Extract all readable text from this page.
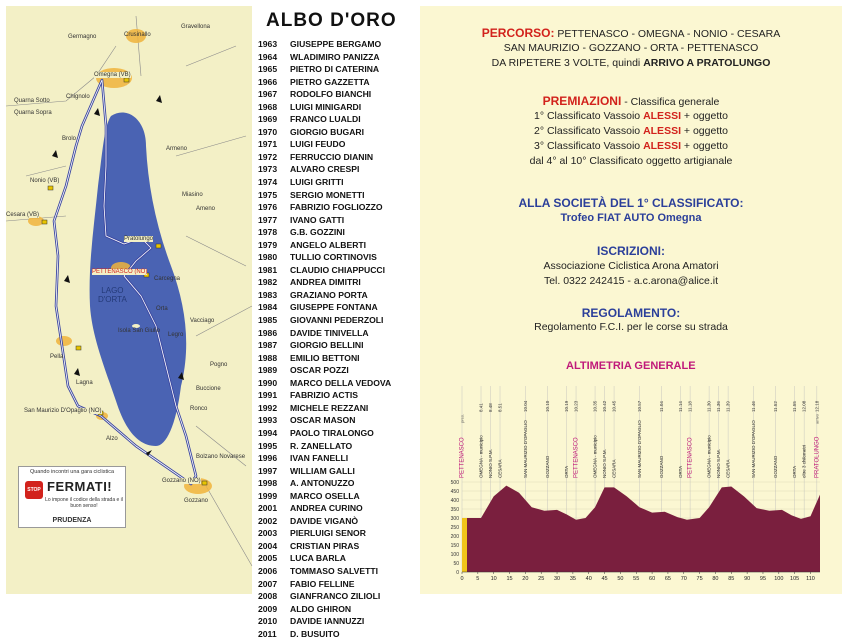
LAGO
D'ORTA
Omegna (VB)
Nonio (VB)
Cesara (VB)
Pratolungo
PETTENASCO (NO)
San Maurizio D'Opaglio (NO)
Gozzano (NO)
Crusinallo
Gravellona
Bolzano Novarese
Germagno
Quarna Sotto
Quarna Sopra
Chignolo
Brolo
Orta
Pella
Lagna
Ameno
Miasino
Armeno
Buccione
Legro
Vacciago
Carcegna
Pogno
Ronco
Isola San Giulio
Alzo
Gozzano
Quando incontri una gara ciclistica
STOP FERMATI!
Lo impone il codice della strada e il buon senso!
PRUDENZA
ALBO D'ORO
1963 GIUSEPPE BERGAMO
1964 WLADIMIRO PANIZZA
1965 PIETRO DI CATERINA
1966 PIETRO GAZZETTA
1967 RODOLFO BIANCHI
1968 LUIGI MINIGARDI
1969 FRANCO LUALDI
1970 GIORGIO BUGARI
1971 LUIGI FEUDO
1972 FERRUCCIO DIANIN
1973 ALVARO CRESPI
1974 LUIGI GRITTI
1975 SERGIO MONETTI
1976 FABRIZIO FOGLIOZZO
1977 IVANO GATTI
1978 G.B. GOZZINI
1979 ANGELO ALBERTI
1980 TULLIO CORTINOVIS
1981 CLAUDIO CHIAPPUCCI
1982 ANDREA DIMITRI
1983 GRAZIANO PORTA
1984 GIUSEPPE FONTANA
1985 GIOVANNI PEDERZOLI
1986 DAVIDE TINIVELLA
1987 GIORGIO BELLINI
1988 EMILIO BETTONI
1989 OSCAR POZZI
1990 MARCO DELLA VEDOVA
1991 FABRIZIO ACTIS
1992 MICHELE REZZANI
1993 OSCAR MASON
1994 PAOLO TIRALONGO
1995 R. ZANELLATO
1996 IVAN FANELLI
1997 WILLIAM GALLI
1998 A. ANTONUZZO
1999 MARCO OSELLA
2001 ANDREA CURINO
2002 DAVIDE VIGANÒ
2003 PIERLUIGI SENOR
2004 CRISTIAN PIRAS
2005 LUCA BARLA
2006 TOMMASO SALVETTI
2007 FABIO FELLINE
2008 GIANFRANCO ZILIOLI
2009 ALDO GHIRON
2010 DAVIDE IANNUZZI
2011 D. BUSUITO
PERCORSO: PETTENASCO - OMEGNA - NONIO - CESARA
SAN MAURIZIO - GOZZANO - ORTA - PETTENASCO
DA RIPETERE 3 VOLTE, quindi ARRIVO A PRATOLUNGO
PREMIAZIONI - Classifica generale
1° Classificato Vassoio ALESSI + oggetto
2° Classificato Vassoio ALESSI + oggetto
3° Classificato Vassoio ALESSI + oggetto
dal 4° al 10° Classificato oggetto artigianale
ALLA SOCIETÀ DEL 1° CLASSIFICATO:
Trofeo FIAT AUTO Omegna
ISCRIZIONI:
Associazione Ciclistica Arona Amatori
Tel. 0322 242415 - a.c.arona@alice.it
REGOLAMENTO:
Regolamento F.C.I. per le corse su strada
ALTIMETRIA GENERALE
0
50
100
150
200
250
300
350
400
450
500
0 5 10 15 20 25 30 35 40 45 50 55 60 65 70 75 80 85 90 95 100 105 110
pres.
PETTENASCO
8.41
OMEGNA - municipio
8.48
NONIO S.P.M.
8.51
CESARA
10.04
SAN MAURIZIO D'OPAGLIO
10.10
GOZZANO
10.19
ORTA
10.23
PETTENASCO
10.35
OMEGNA - municipio
10.42
NONIO S.P.M.
10.45
CESARA
10.57
SAN MAURIZIO D'OPAGLIO
11.04
GOZZANO
11.14
ORTA
11.18
PETTENASCO
11.30
OMEGNA - municipio
11.36
NONIO S.P.M.
11.39
CESARA
11.46
SAN MAURIZIO D'OPAGLIO
11.52
GOZZANO
11.55
ORTA
12.08
oltre 3 chilometri
12.18
arrivo
PRATOLUNGO
